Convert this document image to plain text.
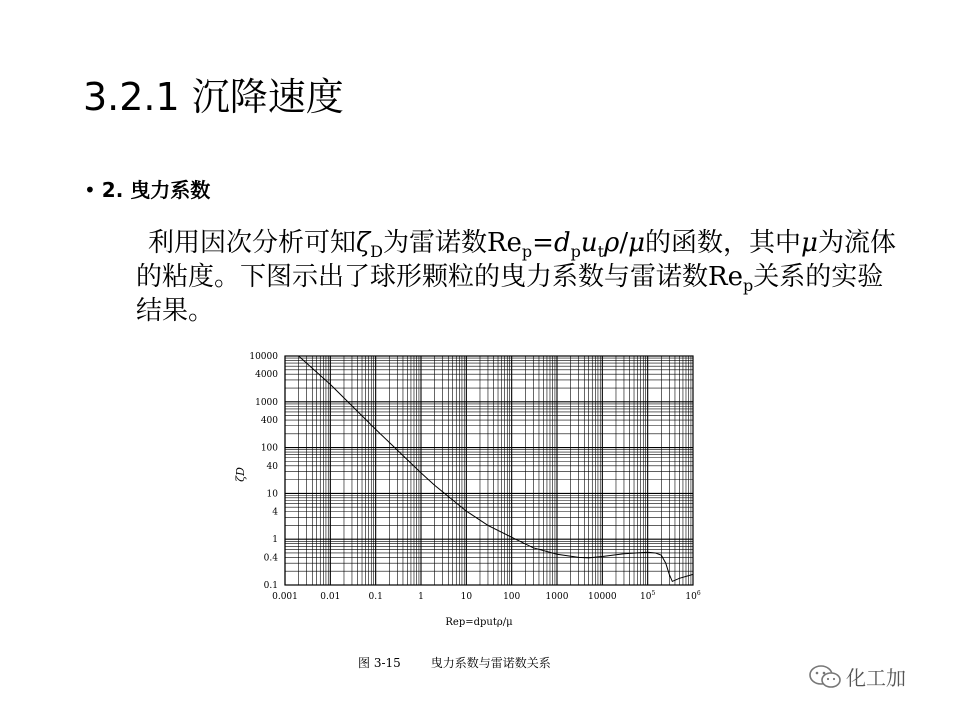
3.2.1 沉降速度
• 2. 曳力系数
利用因次分析可知$\zeta_D$为雷诺数$Re_p=d_pu_t\rho/\mu$的函数，其中μ为流体的粘度。下图示出了球形颗粒的曳力系数与雷诺数$Re_p$关系的实验结果。
10000
4000
1000
400
100
40
10
4
1
0.4
0.1
0.001 0.01	0.1	1	10	100	1000 10000	$10^5$	$10^6$
ζD
Rep=dputρ/μ
图 3-15	曳力系数与雷诺数关系
化工加
